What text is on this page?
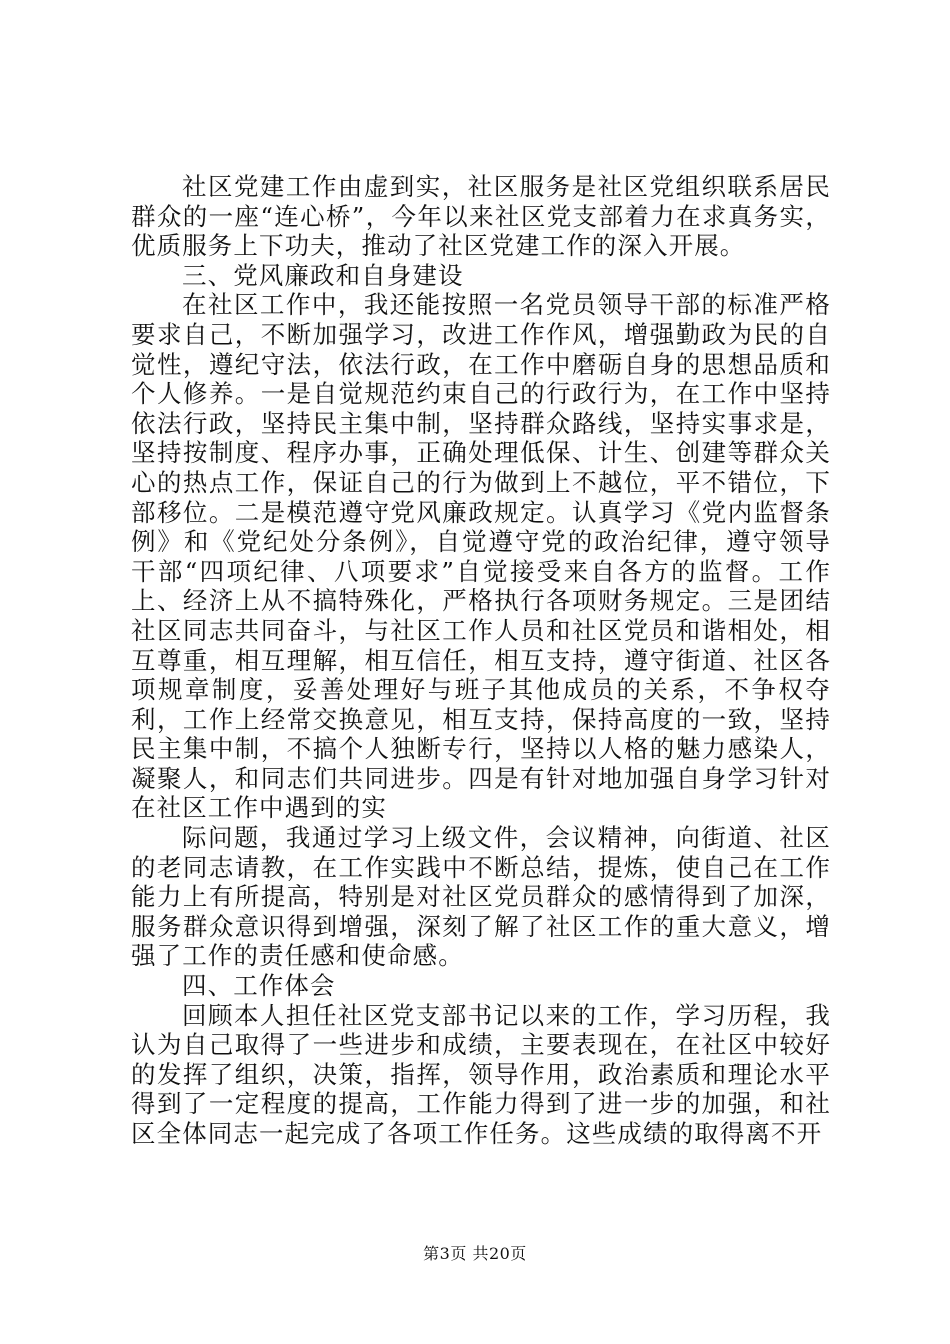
社区党建工作由虚到实，社区服务是社区党组织联系居民群众的一座“连心桥”，今年以来社区党支部着力在求真务实，优质服务上下功夫，推动了社区党建工作的深入开展。

三、党风廉政和自身建设

在社区工作中，我还能按照一名党员领导干部的标准严格要求自己，不断加强学习，改进工作作风，增强勤政为民的自觉性，遵纪守法，依法行政，在工作中磨砺自身的思想品质和个人修养。一是自觉规范约束自己的行政行为，在工作中坚持依法行政，坚持民主集中制，坚持群众路线，坚持实事求是，坚持按制度、程序办事，正确处理低保、计生、创建等群众关心的热点工作，保证自己的行为做到上不越位，平不错位，下部移位。二是模范遵守党风廉政规定。认真学习《党内监督条例》和《党纪处分条例》，自觉遵守党的政治纪律，遵守领导干部“四项纪律、八项要求”自觉接受来自各方的监督。工作上、经济上从不搞特殊化，严格执行各项财务规定。三是团结社区同志共同奋斗，与社区工作人员和社区党员和谐相处，相互尊重，相互理解，相互信任，相互支持，遵守街道、社区各项规章制度，妥善处理好与班子其他成员的关系，不争权夺利，工作上经常交换意见，相互支持，保持高度的一致，坚持民主集中制，不搞个人独断专行，坚持以人格的魅力感染人，凝聚人，和同志们共同进步。四是有针对地加强自身学习针对在社区工作中遇到的实

际问题，我通过学习上级文件，会议精神，向街道、社区的老同志请教，在工作实践中不断总结，提炼，使自己在工作能力上有所提高，特别是对社区党员群众的感情得到了加深，服务群众意识得到增强，深刻了解了社区工作的重大意义，增强了工作的责任感和使命感。

四、工作体会

回顾本人担任社区党支部书记以来的工作，学习历程，我认为自己取得了一些进步和成绩，主要表现在，在社区中较好的发挥了组织，决策，指挥，领导作用，政治素质和理论水平得到了一定程度的提高，工作能力得到了进一步的加强，和社区全体同志一起完成了各项工作任务。这些成绩的取得离不开

第3页 共20页
